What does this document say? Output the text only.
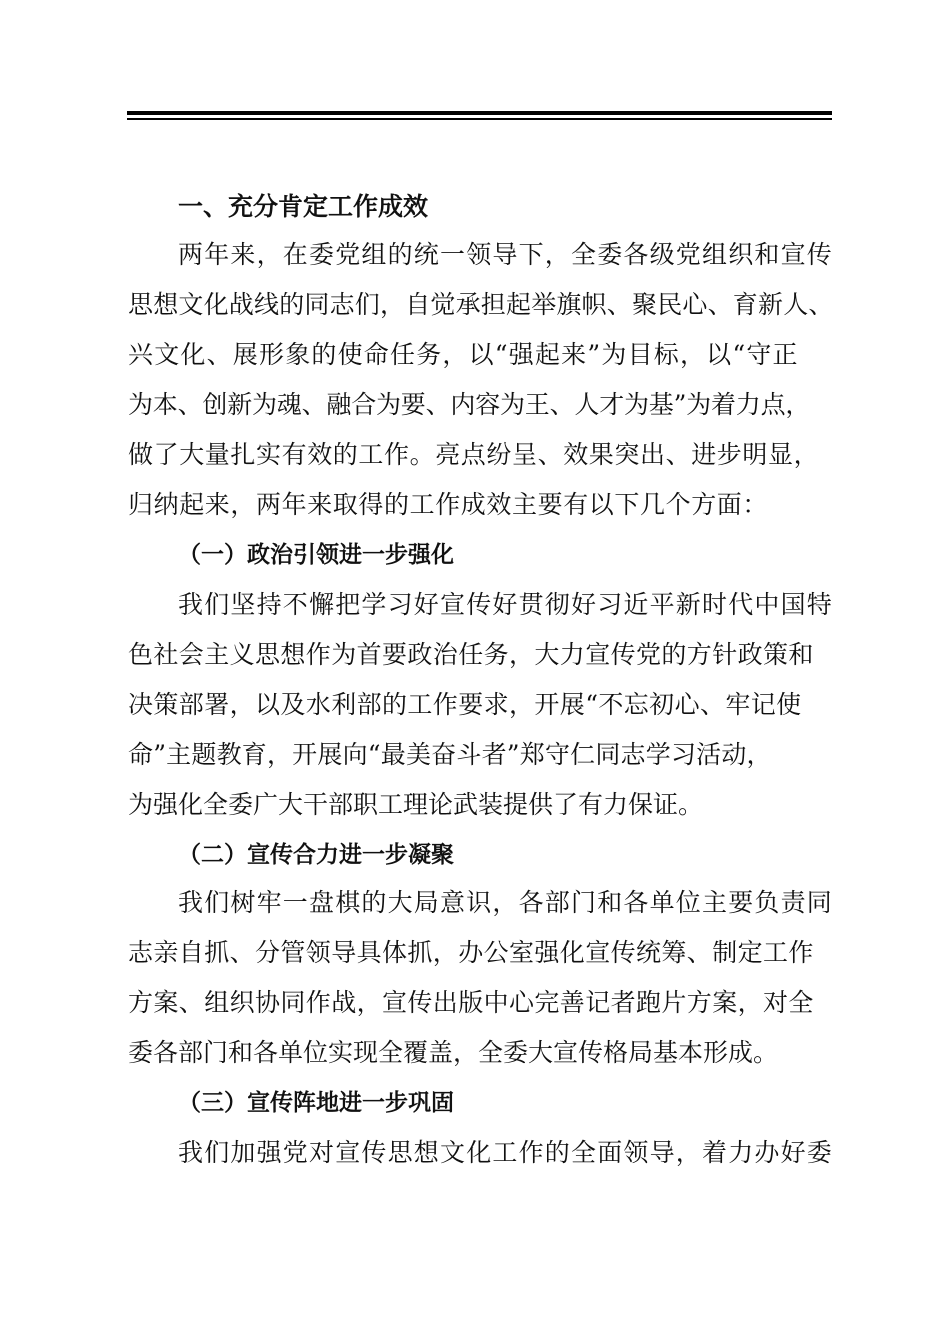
一、充分肯定工作成效
两年来，在委党组的统一领导下，全委各级党组织和宣传
思想文化战线的同志们，自觉承担起举旗帜、聚民心、育新人、
兴文化、展形象的使命任务，以“强起来”为目标，以“守正
为本、创新为魂、融合为要、内容为王、人才为基”为着力点，
做了大量扎实有效的工作。亮点纷呈、效果突出、进步明显，
归纳起来，两年来取得的工作成效主要有以下几个方面：
（一）政治引领进一步强化
我们坚持不懈把学习好宣传好贯彻好习近平新时代中国特
色社会主义思想作为首要政治任务，大力宣传党的方针政策和
决策部署，以及水利部的工作要求，开展“不忘初心、牢记使
命”主题教育，开展向“最美奋斗者”郑守仁同志学习活动，
为强化全委广大干部职工理论武装提供了有力保证。
（二）宣传合力进一步凝聚
我们树牢一盘棋的大局意识，各部门和各单位主要负责同
志亲自抓、分管领导具体抓，办公室强化宣传统筹、制定工作
方案、组织协同作战，宣传出版中心完善记者跑片方案，对全
委各部门和各单位实现全覆盖，全委大宣传格局基本形成。
（三）宣传阵地进一步巩固
我们加强党对宣传思想文化工作的全面领导，着力办好委
